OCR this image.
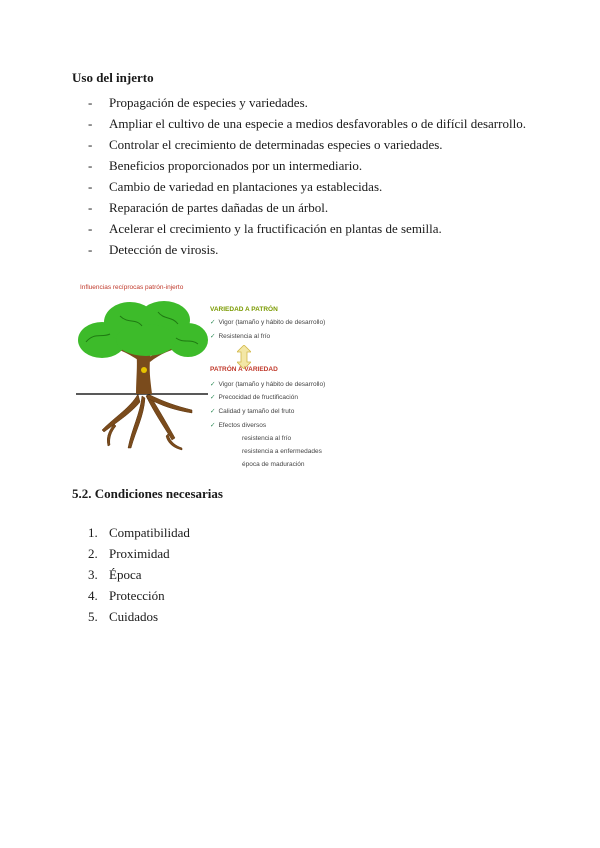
Uso del injerto
- Propagación de especies y variedades.
- Ampliar el cultivo de una especie a medios desfavorables o de difícil desarrollo.
- Controlar el crecimiento de determinadas especies o variedades.
- Beneficios proporcionados por un intermediario.
- Cambio de variedad en plantaciones ya establecidas.
- Reparación de partes dañadas de un árbol.
- Acelerar el crecimiento y la fructificación en plantas de semilla.
- Detección de virosis.
Influencias recíprocas patrón-injerto
VARIEDAD A PATRÓN
✓ Vigor (tamaño y hábito de desarrollo)
✓ Resistencia al frío
PATRÓN A VARIEDAD
✓ Vigor (tamaño y hábito de desarrollo)
✓ Precocidad de fructificación
✓ Calidad y tamaño del fruto
✓ Efectos diversos
resistencia al frío
resistencia a enfermedades
época de maduración
5.2. Condiciones necesarias
1. Compatibilidad
2. Proximidad
3. Época
4. Protección
5. Cuidados
